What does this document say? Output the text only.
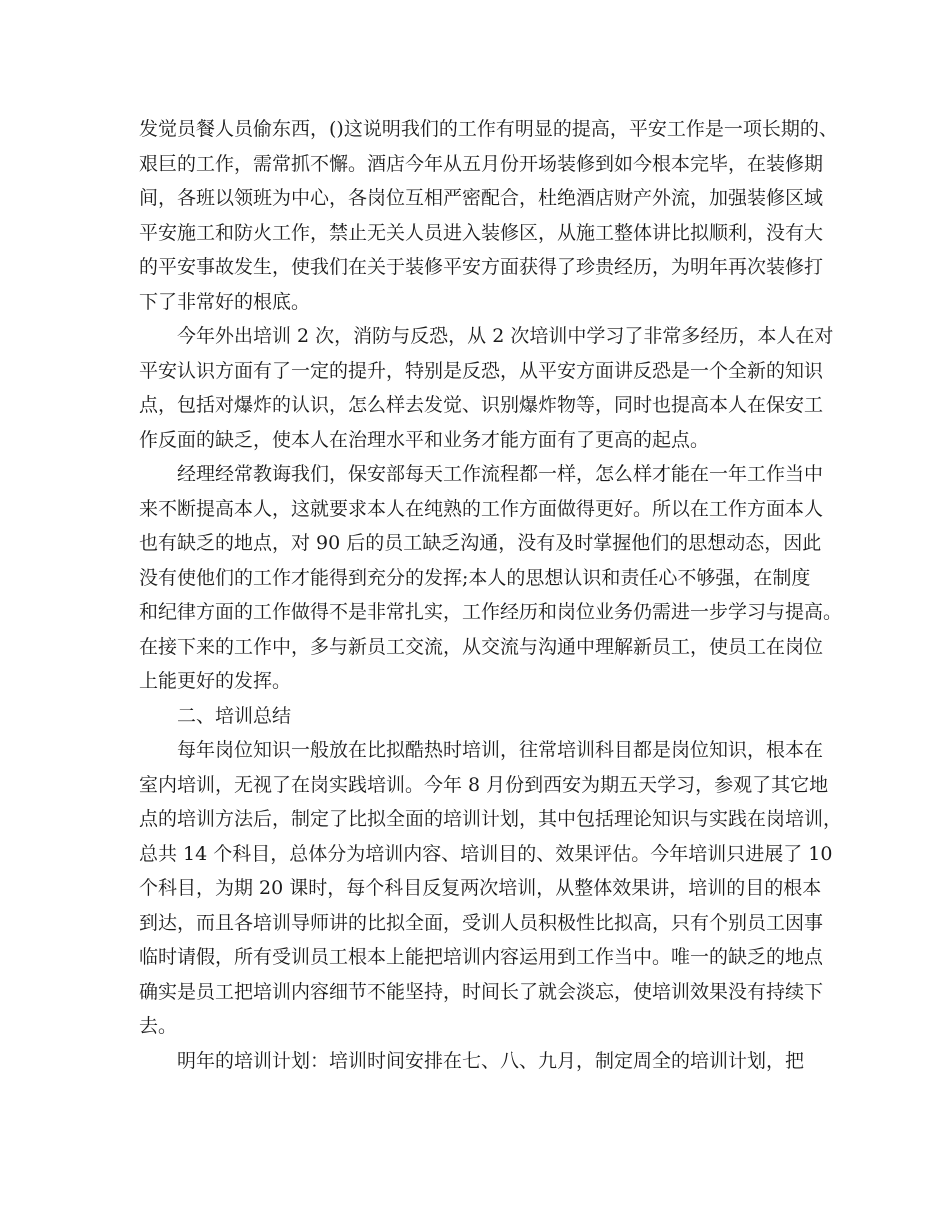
发觉员餐人员偷东西，()这说明我们的工作有明显的提高，平安工作是一项长期的、
艰巨的工作，需常抓不懈。酒店今年从五月份开场装修到如今根本完毕，在装修期
间，各班以领班为中心，各岗位互相严密配合，杜绝酒店财产外流，加强装修区域
平安施工和防火工作，禁止无关人员进入装修区，从施工整体讲比拟顺利，没有大
的平安事故发生，使我们在关于装修平安方面获得了珍贵经历，为明年再次装修打
下了非常好的根底。
今年外出培训 2 次，消防与反恐，从 2 次培训中学习了非常多经历，本人在对
平安认识方面有了一定的提升，特别是反恐，从平安方面讲反恐是一个全新的知识
点，包括对爆炸的认识，怎么样去发觉、识别爆炸物等，同时也提高本人在保安工
作反面的缺乏，使本人在治理水平和业务才能方面有了更高的起点。
经理经常教诲我们，保安部每天工作流程都一样，怎么样才能在一年工作当中
来不断提高本人，这就要求本人在纯熟的工作方面做得更好。所以在工作方面本人
也有缺乏的地点，对 90 后的员工缺乏沟通，没有及时掌握他们的思想动态，因此
没有使他们的工作才能得到充分的发挥;本人的思想认识和责任心不够强，在制度
和纪律方面的工作做得不是非常扎实，工作经历和岗位业务仍需进一步学习与提高。
在接下来的工作中，多与新员工交流，从交流与沟通中理解新员工，使员工在岗位
上能更好的发挥。
二、培训总结
每年岗位知识一般放在比拟酷热时培训，往常培训科目都是岗位知识，根本在
室内培训，无视了在岗实践培训。今年 8 月份到西安为期五天学习，参观了其它地
点的培训方法后，制定了比拟全面的培训计划，其中包括理论知识与实践在岗培训，
总共 14 个科目，总体分为培训内容、培训目的、效果评估。今年培训只进展了 10
个科目，为期 20 课时，每个科目反复两次培训，从整体效果讲，培训的目的根本
到达，而且各培训导师讲的比拟全面，受训人员积极性比拟高，只有个别员工因事
临时请假，所有受训员工根本上能把培训内容运用到工作当中。唯一的缺乏的地点
确实是员工把培训内容细节不能坚持，时间长了就会淡忘，使培训效果没有持续下
去。
明年的培训计划：培训时间安排在七、八、九月，制定周全的培训计划，把
